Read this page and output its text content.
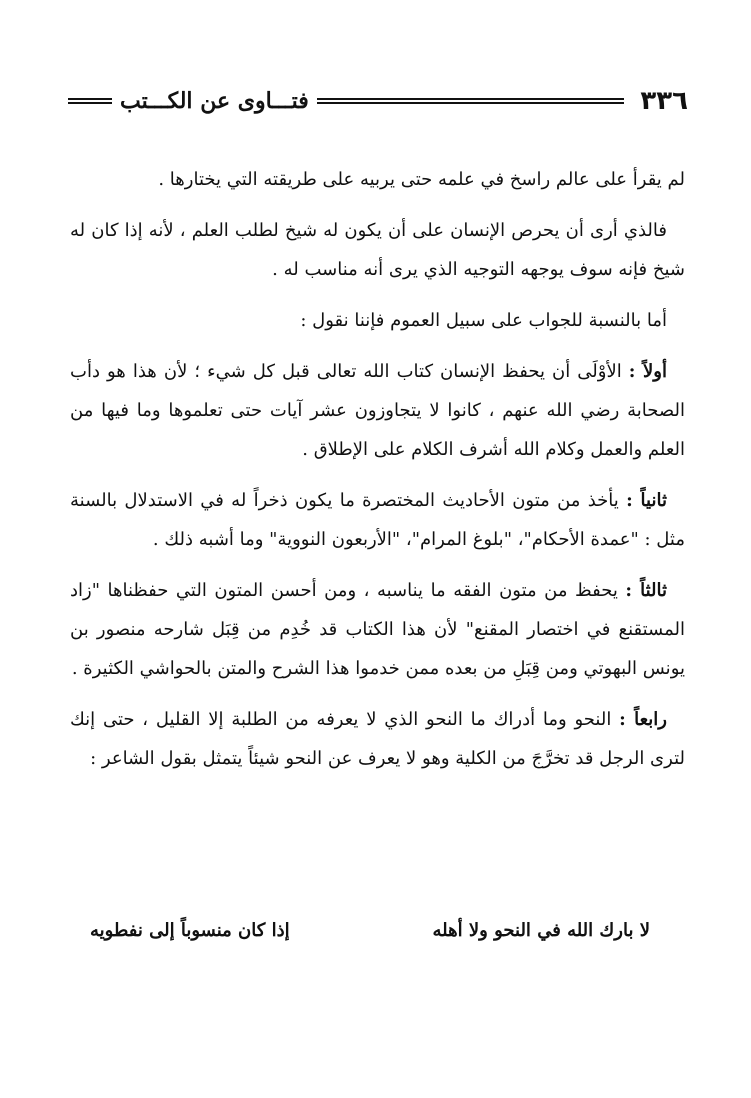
٣٣٦
فتـــاوى عن الكـــتب

لم يقرأ على عالم راسخ في علمه حتى يربيه على طريقته التي يختارها .

فالذي أرى أن يحرص الإنسان على أن يكون له شيخ لطلب العلم ، لأنه إذا كان له شيخ فإنه سوف يوجهه التوجيه الذي يرى أنه مناسب له .

أما بالنسبة للجواب على سبيل العموم فإننا نقول :

أولاً : الأوْلَى أن يحفظ الإنسان كتاب الله تعالى قبل كل شيء ؛ لأن هذا هو دأب الصحابة رضي الله عنهم ، كانوا لا يتجاوزون عشر آيات حتى تعلموها وما فيها من العلم والعمل وكلام الله أشرف الكلام على الإطلاق .

ثانياً : يأخذ من متون الأحاديث المختصرة ما يكون ذخراً له في الاستدلال بالسنة مثل : "عمدة الأحكام"، "بلوغ المرام"، "الأربعون النووية" وما أشبه ذلك .

ثالثاً : يحفظ من متون الفقه ما يناسبه ، ومن أحسن المتون التي حفظناها "زاد المستقنع في اختصار المقنع" لأن هذا الكتاب قد خُدِم من قِبَل شارحه منصور بن يونس البهوتي ومن قِبَلِ من بعده ممن خدموا هذا الشرح والمتن بالحواشي الكثيرة .

رابعاً : النحو وما أدراك ما النحو الذي لا يعرفه من الطلبة إلا القليل ، حتى إنك لترى الرجل قد تخرَّجَ من الكلية وهو لا يعرف عن النحو شيئاً يتمثل بقول الشاعر :

لا بارك الله في النحو ولا أهله
إذا كان منسوباً إلى نفطويه
